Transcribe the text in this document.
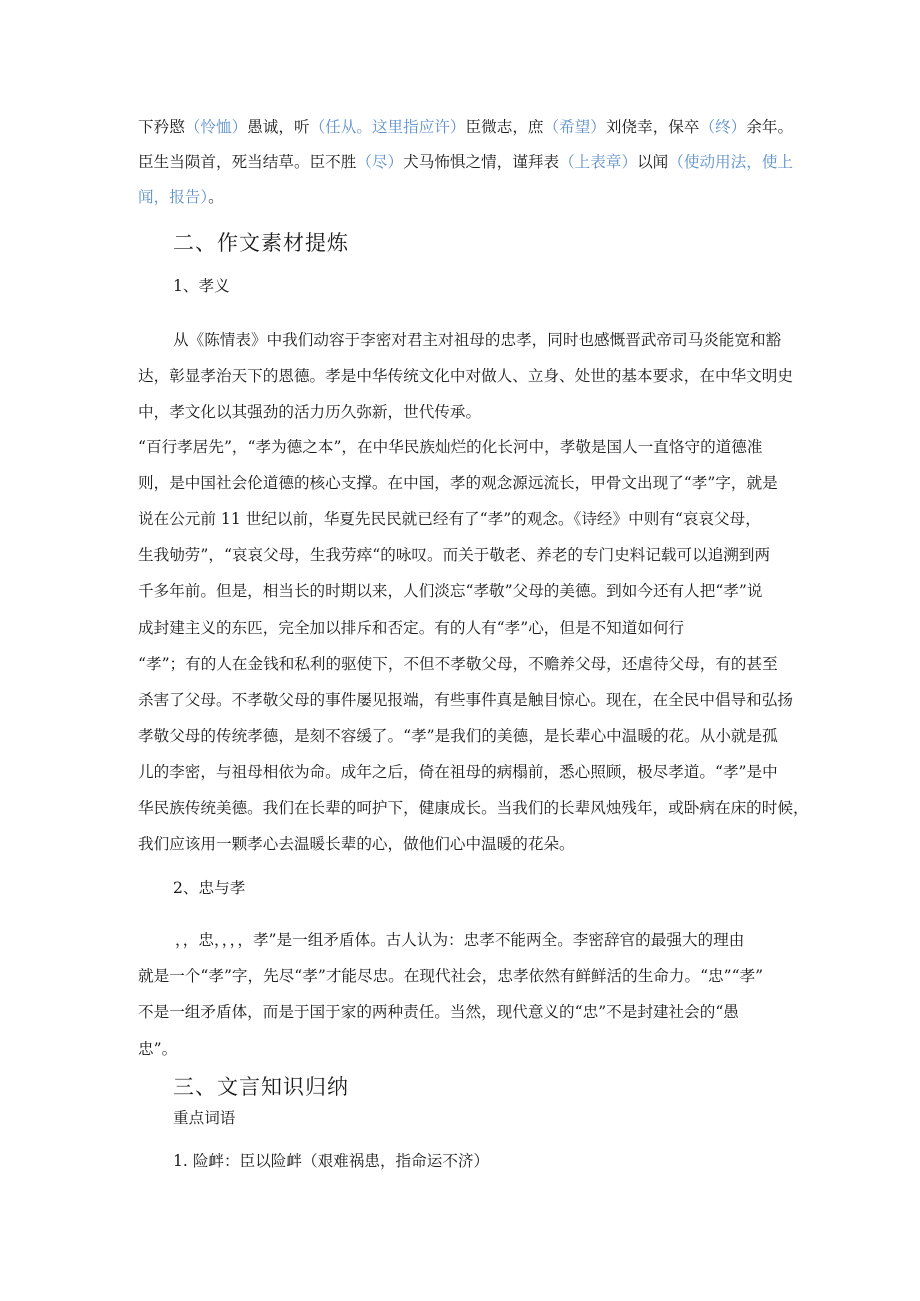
下矜愍（怜恤）愚诚，听（任从。这里指应许）臣微志，庶（希望）刘侥幸，保卒（终）余年。
臣生当陨首，死当结草。臣不胜（尽）犬马怖惧之情，谨拜表（上表章）以闻（使动用法，使上
闻，报告）。
二、作文素材提炼
1、孝义
从《陈情表》中我们动容于李密对君主对祖母的忠孝，同时也感慨晋武帝司马炎能宽和豁
达，彰显孝治天下的恩德。孝是中华传统文化中对做人、立身、处世的基本要求，在中华文明史
中，孝文化以其强劲的活力历久弥新，世代传承。
“百行孝居先”，“孝为德之本”，在中华民族灿烂的化长河中，孝敬是国人一直恪守的道德准
则，是中国社会伦道德的核心支撑。在中国，孝的观念源远流长，甲骨文出现了“孝”字，就是
说在公元前 11 世纪以前，华夏先民民就已经有了“孝”的观念。《诗经》中则有“哀哀父母，
生我劬劳”，“哀哀父母，生我劳瘁“的咏叹。而关于敬老、养老的专门史料记载可以追溯到两
千多年前。但是，相当长的时期以来，人们淡忘“孝敬”父母的美德。到如今还有人把“孝”说
成封建主义的东匹，完全加以排斥和否定。有的人有“孝”心，但是不知道如何行
“孝”；有的人在金钱和私利的驱使下，不但不孝敬父母，不赡养父母，还虐待父母，有的甚至
杀害了父母。不孝敬父母的事件屡见报端，有些事件真是触目惊心。现在，在全民中倡导和弘扬
孝敬父母的传统孝德，是刻不容缓了。“孝”是我们的美德，是长辈心中温暖的花。从小就是孤
儿的李密，与祖母相依为命。成年之后，倚在祖母的病榻前，悉心照顾，极尽孝道。“孝”是中
华民族传统美德。我们在长辈的呵护下，健康成长。当我们的长辈风烛残年，或卧病在床的时候，
我们应该用一颗孝心去温暖长辈的心，做他们心中温暖的花朵。
2、忠与孝
，，忠，，，，孝”是一组矛盾体。古人认为：忠孝不能两全。李密辞官的最强大的理由
就是一个“孝”字，先尽“孝”才能尽忠。在现代社会，忠孝依然有鲜鲜活的生命力。“忠”“孝”
不是一组矛盾体，而是于国于家的两种责任。当然，现代意义的“忠”不是封建社会的“愚
忠”。
三、文言知识归纳
重点词语
1. 险衅：臣以险衅（艰难祸患，指命运不济）
